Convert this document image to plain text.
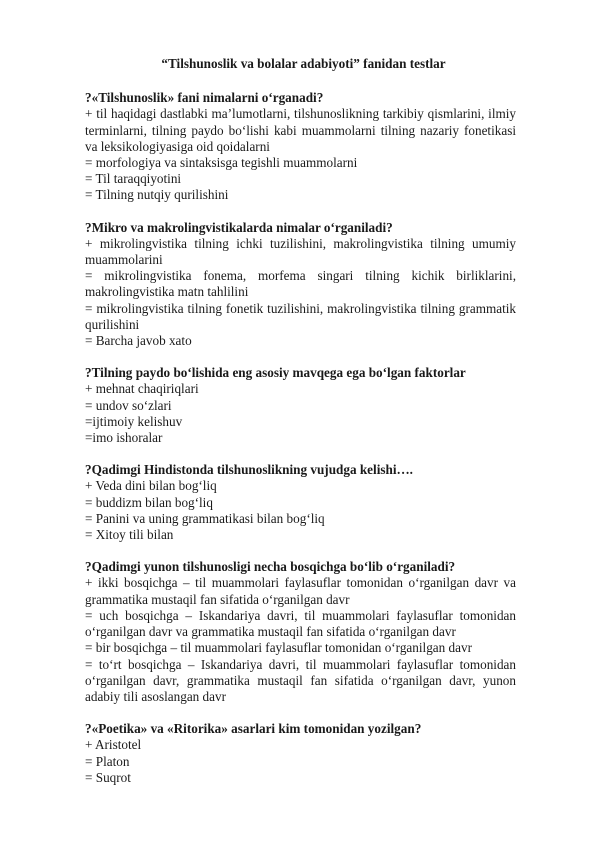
“Tilshunoslik va bolalar adabiyoti” fanidan testlar

?«Tilshunoslik» fani nimalarni oʻrganadi?

+ til haqidagi dastlabki ma’lumotlarni, tilshunoslikning tarkibiy qismlarini, ilmiy terminlarni, tilning paydo boʻlishi kabi muammolarni tilning nazariy fonetikasi va leksikologiyasiga oid qoidalarni

= morfologiya va sintaksisga tegishli muammolarni

= Til taraqqiyotini

= Tilning nutqiy qurilishini

?Mikro va makrolingvistikalarda nimalar oʻrganiladi?

+ mikrolingvistika tilning ichki tuzilishini, makrolingvistika tilning umumiy muammolarini

= mikrolingvistika fonema, morfema singari tilning kichik birliklarini, makrolingvistika matn tahlilini

= mikrolingvistika tilning fonetik tuzilishini, makrolingvistika tilning grammatik qurilishini

= Barcha javob xato

?Tilning paydo boʻlishida eng asosiy mavqega ega boʻlgan faktorlar

+ mehnat chaqiriqlari

= undov soʻzlari

=ijtimoiy kelishuv

=imo ishoralar

?Qadimgi Hindistonda tilshunoslikning vujudga kelishi….

+ Veda dini bilan bogʻliq

= buddizm bilan bogʻliq

= Panini va uning grammatikasi bilan bogʻliq

= Xitoy tili bilan

?Qadimgi yunon tilshunosligi necha bosqichga boʻlib oʻrganiladi?

+ ikki bosqichga – til muammolari faylasuflar tomonidan oʻrganilgan davr va grammatika mustaqil fan sifatida oʻrganilgan davr

= uch bosqichga – Iskandariya davri, til muammolari faylasuflar tomonidan oʻrganilgan davr va grammatika mustaqil fan sifatida oʻrganilgan davr

= bir bosqichga – til muammolari faylasuflar tomonidan oʻrganilgan davr

= toʻrt bosqichga – Iskandariya davri, til muammolari faylasuflar tomonidan oʻrganilgan davr, grammatika mustaqil fan sifatida oʻrganilgan davr, yunon adabiy tili asoslangan davr

?«Poetika» va «Ritorika» asarlari kim tomonidan yozilgan?

+ Aristotel

= Platon

= Suqrot
